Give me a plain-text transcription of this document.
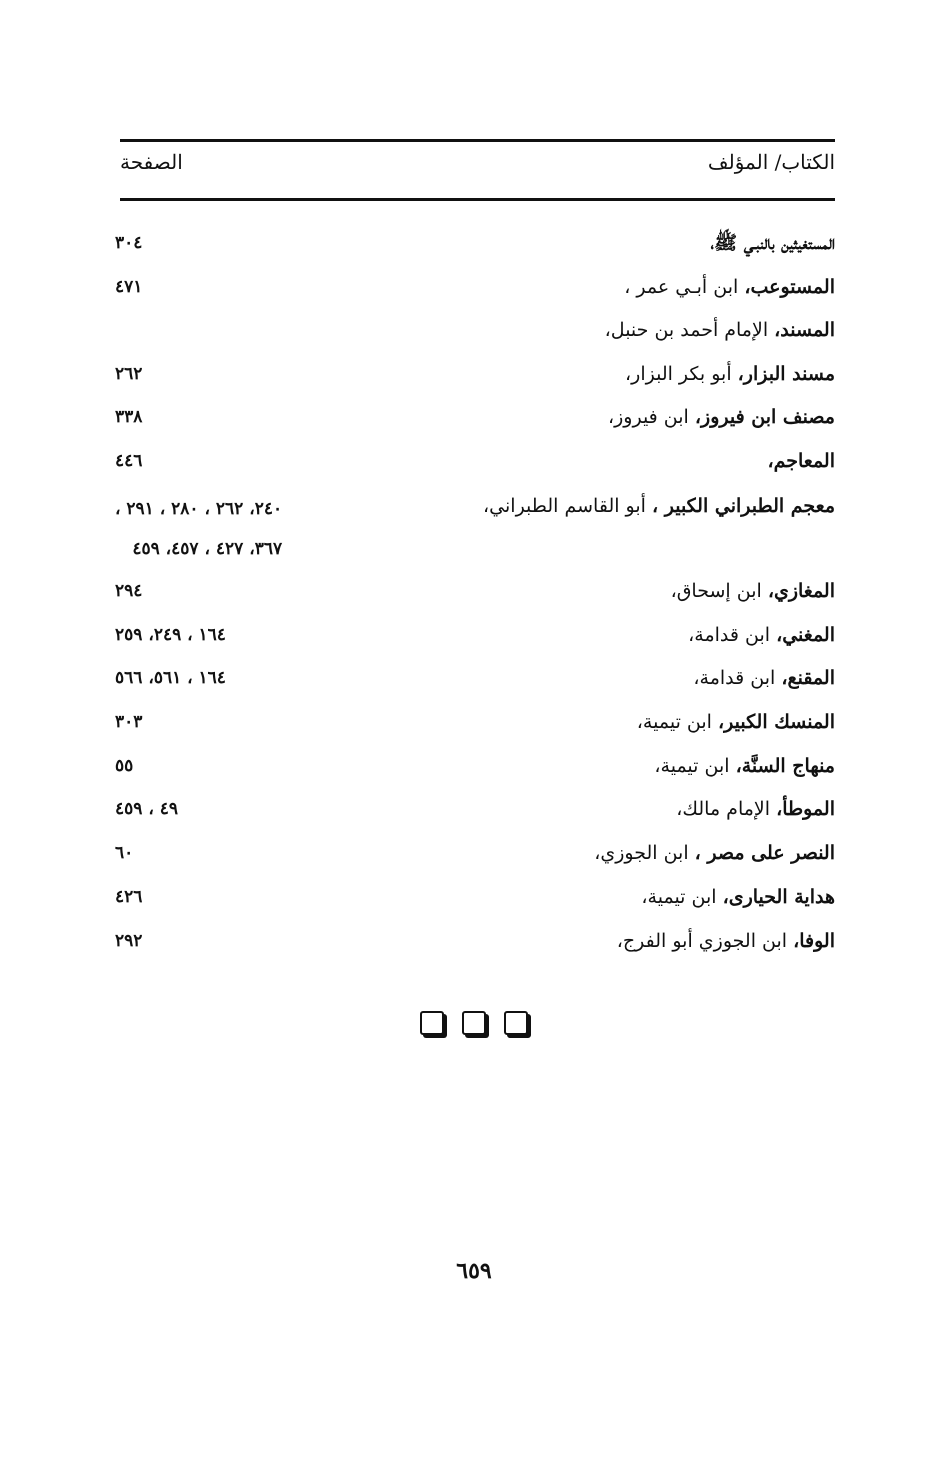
الكتاب/ المؤلف
الصفحة
المستغيثين بالنبـي ﷺ،
٣٠٤
المستوعب، ابن أبـي عمر ،
٤٧١
المسند، الإمام أحمد بن حنبل،
مسند البزار، أبو بكر البزار،
٢٦٢
مصنف ابن فيروز، ابن فيروز،
٣٣٨
المعاجم،
٤٤٦
معجم الطبراني الكبير ، أبو القاسم الطبراني،
٢٤٠، ٢٦٢ ، ٢٨٠ ، ٢٩١ ،
٣٦٧، ٤٢٧ ، ٤٥٧، ٤٥٩
المغازي، ابن إسحاق،
٢٩٤
المغني، ابن قدامة،
١٦٤ ، ٢٤٩، ٢٥٩
المقنع، ابن قدامة،
١٦٤ ، ٥٦١، ٥٦٦
المنسك الكبير، ابن تيمية،
٣٠٣
منهاج السنَّة، ابن تيمية،
٥٥
الموطأ، الإمام مالك،
٤٩ ، ٤٥٩
النصر على مصر ، ابن الجوزي،
٦٠
هداية الحيارى، ابن تيمية،
٤٢٦
الوفا، ابن الجوزي أبو الفرج،
٢٩٢
٦٥٩
